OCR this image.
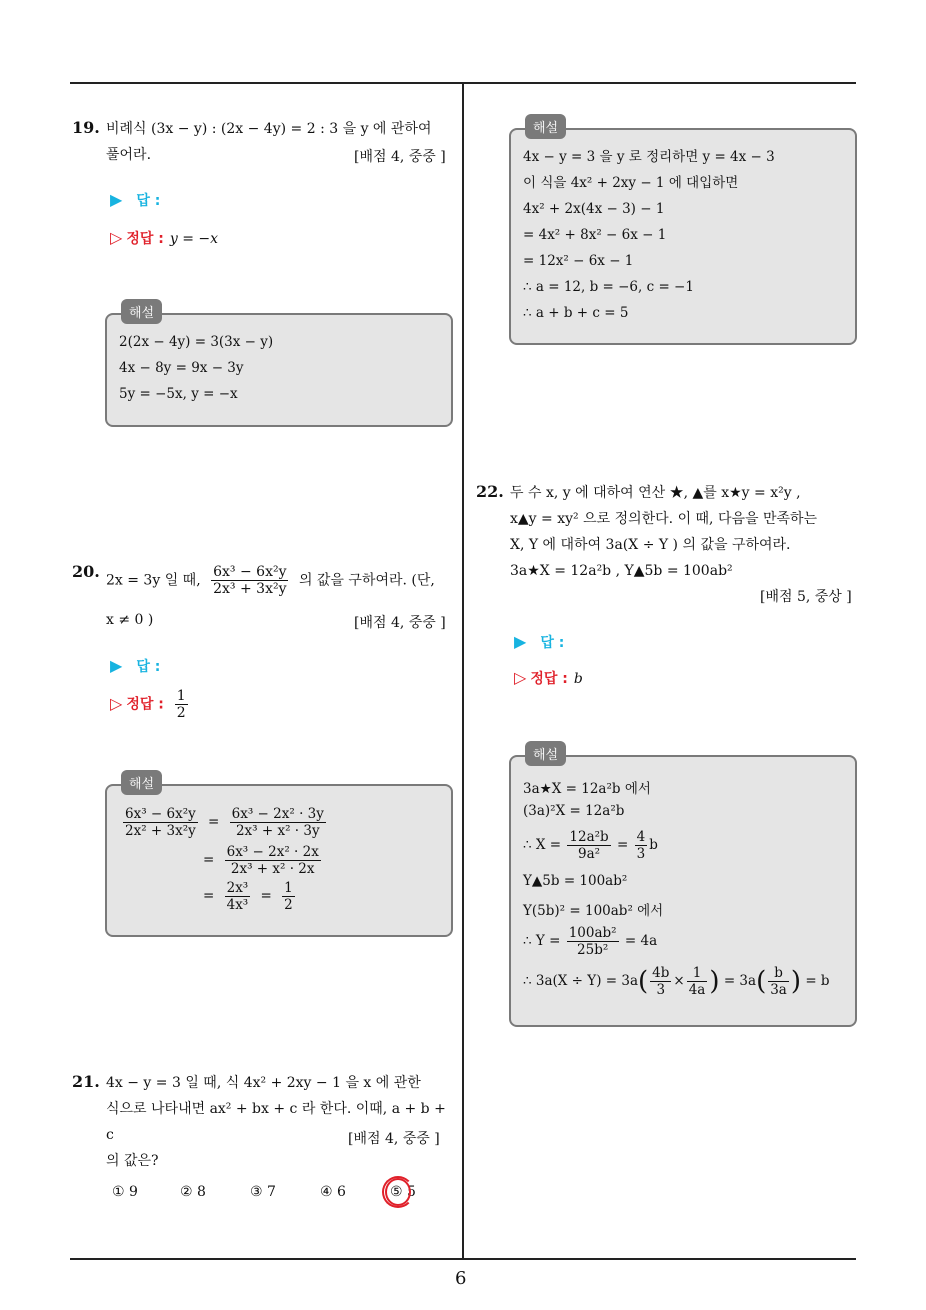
6
19. 비례식 (3x − y) : (2x − 4y) = 2 : 3 을 y 에 관하여
풀어라.	[배점 4, 중중 ]
▶ 답 :
▷ 정답 : y = −x
해설
2(2x − 4y) = 3(3x − y)
4x − 8y = 9x − 3y
5y = −5x, y = −x
20. 2x = 3y 일 때, $\frac{\text{6x³ − 6x²y}}{\text{2x³ + 3x²y}}$ 의 값을 구하여라. (단,
x ≠ 0 )	[배점 4, 중중 ]
▶ 답 :
▷ 정답 : $\frac{1}{2}$
해설
$\frac{\text{6x³ − 6x²y}}{\text{2x² + 3x²y}} = \frac{\text{6x³ − 2x² · 3y}}{\text{2x³ + x² · 3y}}$
= $\frac{\text{6x³ − 2x² · 2x}}{\text{2x³ + x² · 2x}}$
= $\frac{\text{2x³}}{\text{4x³}} = \frac{1}{2}$
21. 4x − y = 3 일 때, 식 4x² + 2xy − 1 을 x 에 관한
식으로 나타내면 ax² + bx + c 라 한다. 이때, a + b + c
의 값은?
[배점 4, 중중 ]
① 9	② 8	③ 7	④ 6	⑤ 5
해설
4x − y = 3 을 y 로 정리하면 y = 4x − 3
이 식을 4x² + 2xy − 1 에 대입하면
4x² + 2x(4x − 3) − 1
= 4x² + 8x² − 6x − 1
= 12x² − 6x − 1
∴ a = 12, b = −6, c = −1
∴ a + b + c = 5
22. 두 수 x, y 에 대하여 연산 ★, ▲를 x★y = x²y ,
x▲y = xy² 으로 정의한다. 이 때, 다음을 만족하는
X, Y 에 대하여 3a(X ÷ Y ) 의 값을 구하여라.
3a★X = 12a²b , Y▲5b = 100ab²
[배점 5, 중상 ]
▶ 답 :
▷ 정답 : b
해설
3a★X = 12a²b 에서
(3a)²X = 12a²b
∴ $X = \frac{\text{12a²b}}{\text{9a²}} = \frac{4}{3}$ b
Y▲5b = 100ab²
Y(5b)² = 100ab² 에서
∴ $Y = \frac{\text{100ab²}}{\text{25b²}} = 4a$
∴ $3a(X \div Y) = 3a( \frac{4b}{3} \times \frac{1}{4a}$ ) = $3a( \frac{b}{3a}$ ) = b
